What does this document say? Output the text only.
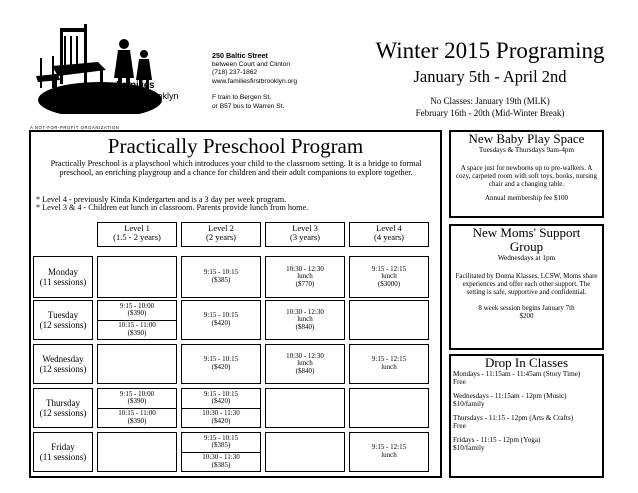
Families
FirstBrooklyn
A NOT-FOR-PROFIT ORGANIZATION
250 Baltic Street
between Court and Clinton
(718) 237-1862
www.familiesfirstbrooklyn.org
F train to Bergen St.
or B57 bus to Warren St.
Winter 2015 Programing
January 5th - April 2nd
No Classes: January 19th (MLK)
February 16th - 20th (Mid-Winter Break)
Practically Preschool Program
Practically Preschool is a playschool which introduces your child to the classroom setting. It is a bridge to formal preschool, an enriching playgroup and a chance for children and their adult companions to explore together.
* Level 4 - previously Kinda Kindergarten and is a 3 day per week program.
* Level 3 & 4 - Children eat lunch in classroom. Parents provide lunch from home.
Level 1
(1.5 - 2 years)
Level 2
(2 years)
Level 3
(3 years)
Level 4
(4 years)
Monday
(11 sessions)
Tuesday
(12 sessions)
Wednesday
(12 sessions)
Thursday
(12 sessions)
Friday
(11 sessions)
9:15 - 10:15
($385)
10:30 - 12:30
lunch
($770)
9:15 - 12:15
lunch
($3000)
9:15 - 10:00
($390)
10:15 - 11:00
($390)
9:15 - 10:15
($420)
10:30 - 12:30
lunch
($840)
9:15 - 10:15
($420)
10:30 - 12:30
lunch
($840)
9:15 - 12:15
lunch
9:15 - 10:00
($390)
10:15 - 11:00
($390)
9:15 - 10:15
($420)
10:30 - 11:30
($420)
9:15 - 10:15
($385)
10:30 - 11:30
($385)
9:15 - 12:15
lunch
New Baby Play Space
Tuesdays & Thursdays 9am-4pm
A space just for newborns up to pre-walkers. A cozy, carpeted room with soft toys, books, nursing chair and a changing table.
Annual membership fee $100
New Moms' Support Group
Wednesdays at 1pm
Facilitated by Donna Klasses, LCSW, Moms share experiences and offer each other support. The setting is safe, supportive and confidential.
8 week session begins January 7th
$200
Drop In Classes
Mondays - 11:15am - 11:45am (Story Time)
Free
Wednesdays - 11:15am - 12pm (Music)
$10/family
Thursdays - 11:15 - 12pm (Arts & Crafts)
Free
Fridays - 11:15 - 12pm (Yoga)
$10/family
